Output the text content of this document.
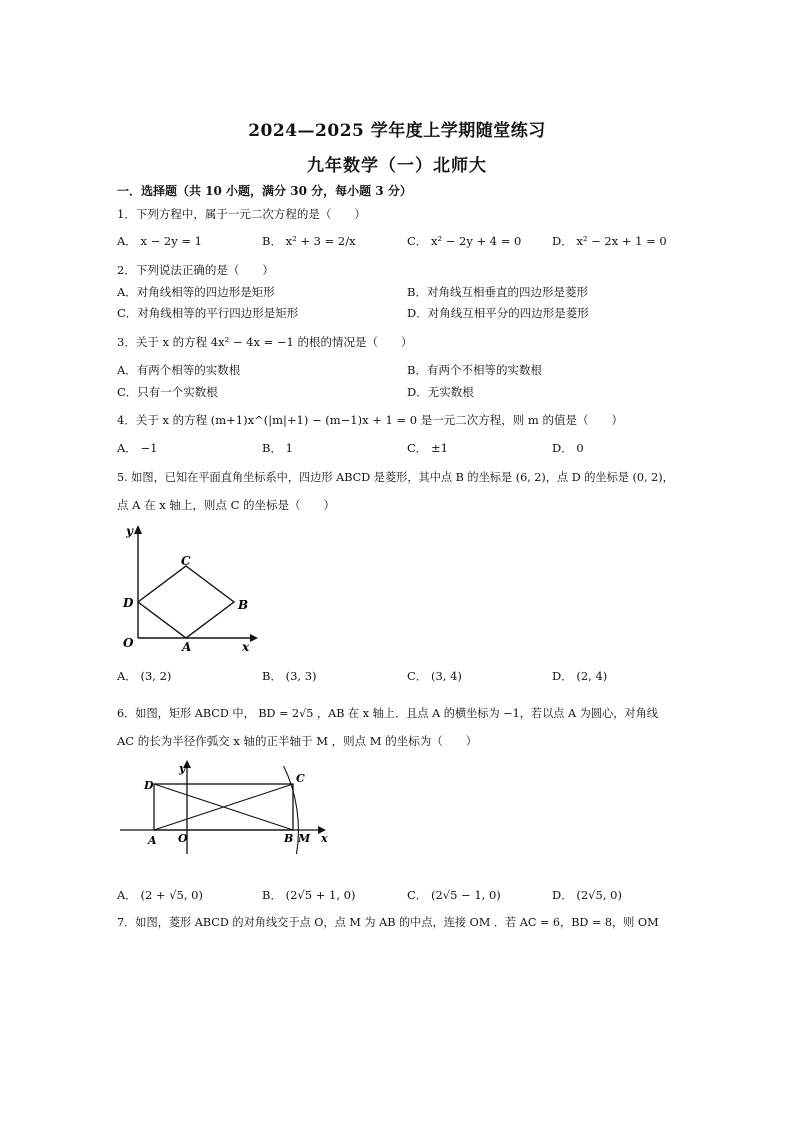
2024—2025 学年度上学期随堂练习
九年数学（一）北师大
一．选择题（共 10 小题，满分 30 分，每小题 3 分）
1．下列方程中，属于一元二次方程的是（　　）
A． x − 2y = 1	B． x² + 3 = 2/x	C． x² − 2y + 4 = 0	D． x² − 2x + 1 = 0
2．下列说法正确的是（　　）
A．对角线相等的四边形是矩形	B．对角线互相垂直的四边形是菱形
C．对角线相等的平行四边形是矩形	D．对角线互相平分的四边形是菱形
3．关于 x 的方程 4x² − 4x = −1 的根的情况是（　　）
A．有两个相等的实数根	B．有两个不相等的实数根
C．只有一个实数根	D．无实数根
4．关于 x 的方程 (m+1)x^(|m|+1) − (m−1)x + 1 = 0 是一元二次方程，则 m 的值是（　　）
A． −1	B． 1	C． ±1	D． 0
5. 如图，已知在平面直角坐标系中，四边形 ABCD 是菱形，其中点 B 的坐标是 (6, 2)，点 D 的坐标是 (0, 2)，
点 A 在 x 轴上，则点 C 的坐标是（　　）
y
x
O	A
B
C
D
A． (3, 2)	B． (3, 3)	C． (3, 4)	D． (2, 4)
6．如图，矩形 ABCD 中， BD = 2√5 ，AB 在 x 轴上．且点 A 的横坐标为 −1，若以点 A 为圆心，对角线
AC 的长为半径作弧交 x 轴的正半轴于 M ，则点 M 的坐标为（　　）
y
x
O
A	B
C
D
M
A． (2 + √5, 0)	B． (2√5 + 1, 0)	C． (2√5 − 1, 0)	D． (2√5, 0)
7．如图，菱形 ABCD 的对角线交于点 O，点 M 为 AB 的中点，连接 OM ．若 AC = 6，BD = 8，则 OM
